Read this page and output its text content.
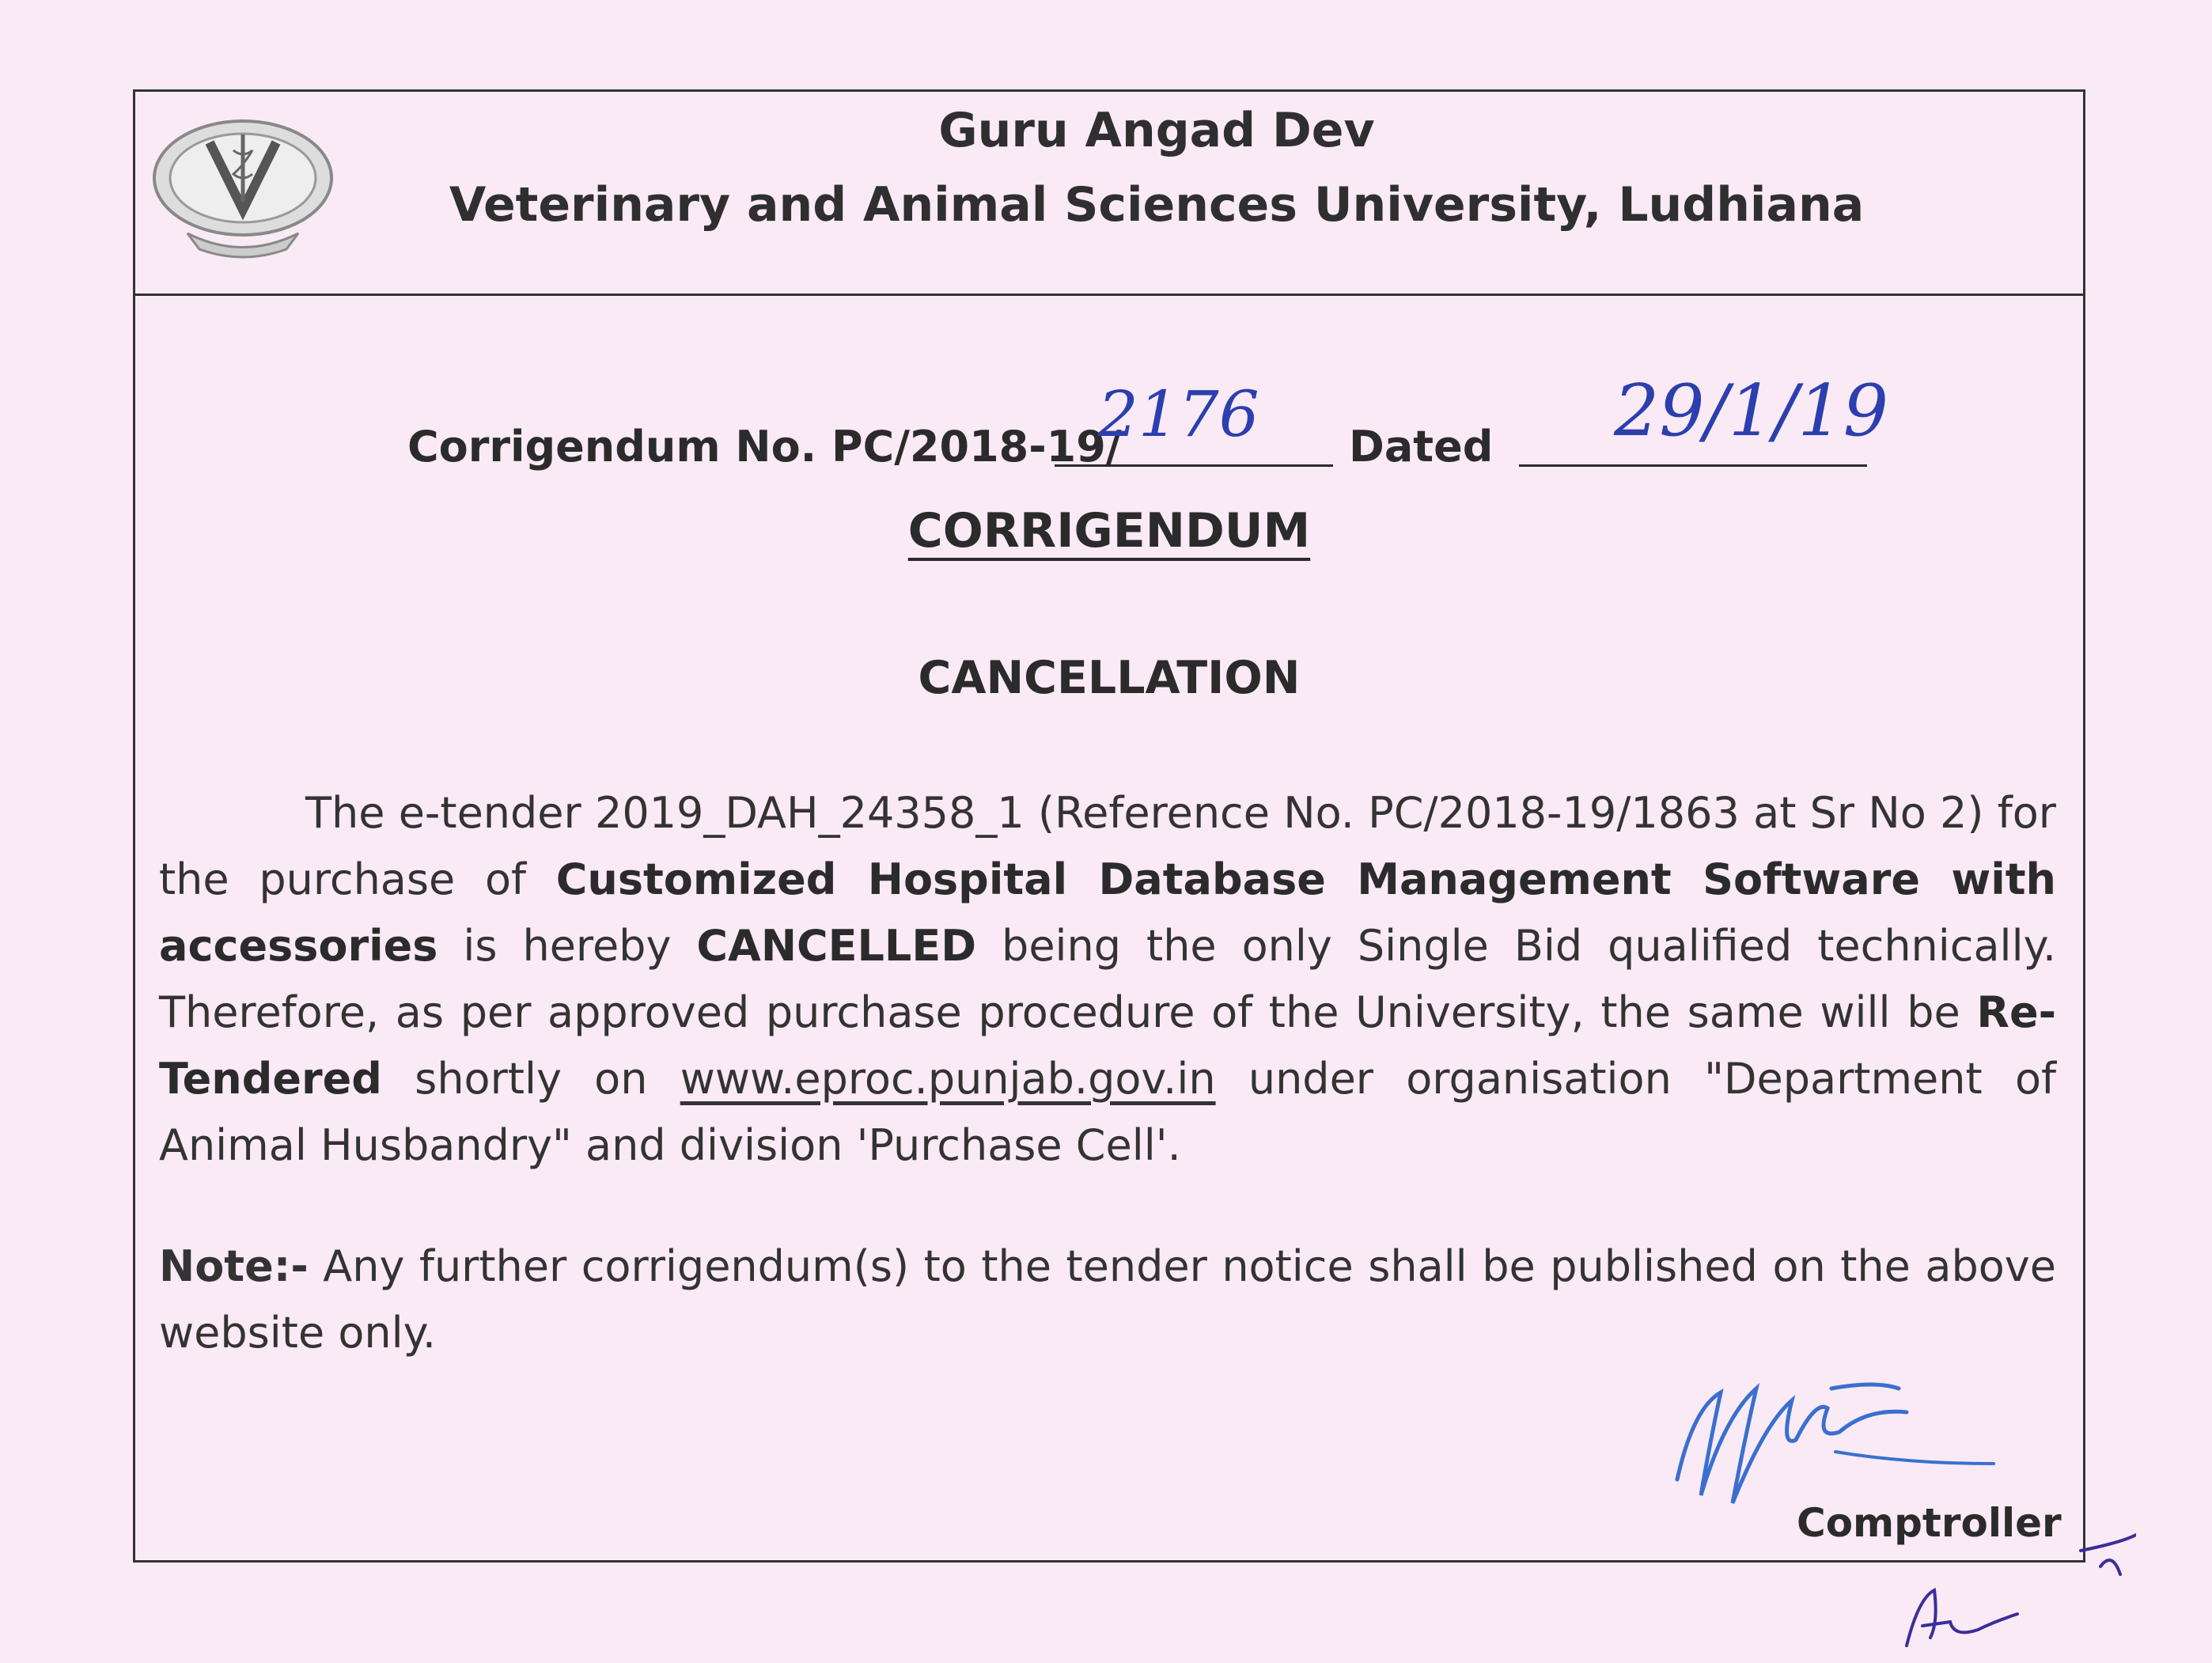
Guru Angad Dev
Veterinary and Animal Sciences University, Ludhiana
Corrigendum No. PC/2018-19/
2176 Dated 29/1/19
CORRIGENDUM
CANCELLATION
The e-tender 2019_DAH_24358_1 (Reference No. PC/2018-19/1863 at Sr No 2) for the purchase of Customized Hospital Database Management Software with accessories is hereby CANCELLED being the only Single Bid qualified technically. Therefore, as per approved purchase procedure of the University, the same will be Re-Tendered shortly on www.eproc.punjab.gov.in under organisation "Department of Animal Husbandry" and division 'Purchase Cell'.
Note:- Any further corrigendum(s) to the tender notice shall be published on the above website only.
Comptroller
